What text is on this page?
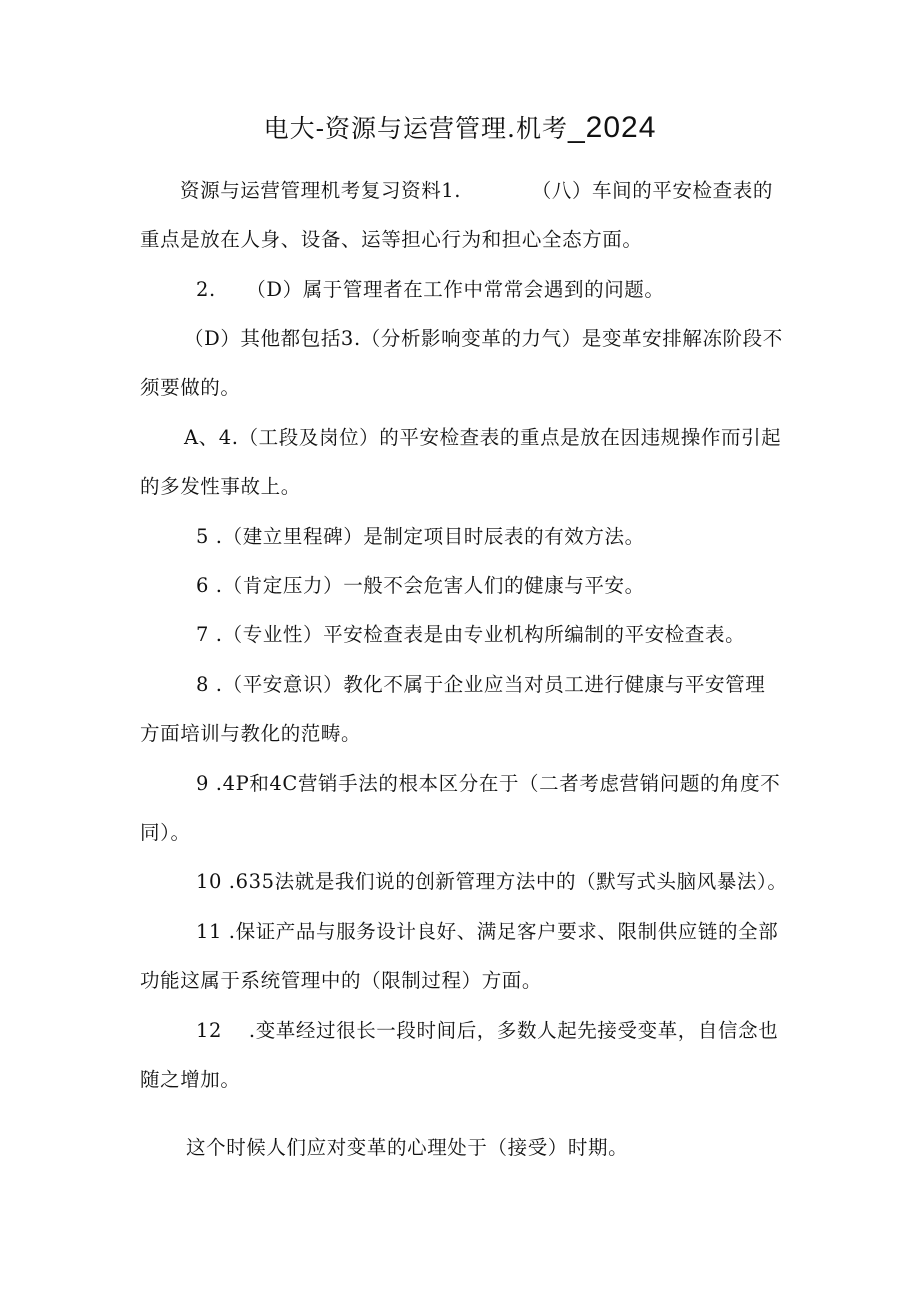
电大-资源与运营管理.机考_2024
资源与运营管理机考复习资料1.　　　　（八）车间的平安检查表的
重点是放在人身、设备、运等担心行为和担心全态方面。
2.　　（D）属于管理者在工作中常常会遇到的问题。
（D）其他都包括3.（分析影响变革的力气）是变革安排解冻阶段不
须要做的。
A、4.（工段及岗位）的平安检查表的重点是放在因违规操作而引起
的多发性事故上。
5 .（建立里程碑）是制定项目时辰表的有效方法。
6 .（肯定压力）一般不会危害人们的健康与平安。
7 .（专业性）平安检查表是由专业机构所编制的平安检查表。
8 .（平安意识）教化不属于企业应当对员工进行健康与平安管理
方面培训与教化的范畴。
9 .4P和4C营销手法的根本区分在于（二者考虑营销问题的角度不
同）。
10 .635法就是我们说的创新管理方法中的（默写式头脑风暴法）。
11 .保证产品与服务设计良好、满足客户要求、限制供应链的全部
功能这属于系统管理中的（限制过程）方面。
12　 .变革经过很长一段时间后，多数人起先接受变革，自信念也
随之增加。
这个时候人们应对变革的心理处于（接受）时期。
